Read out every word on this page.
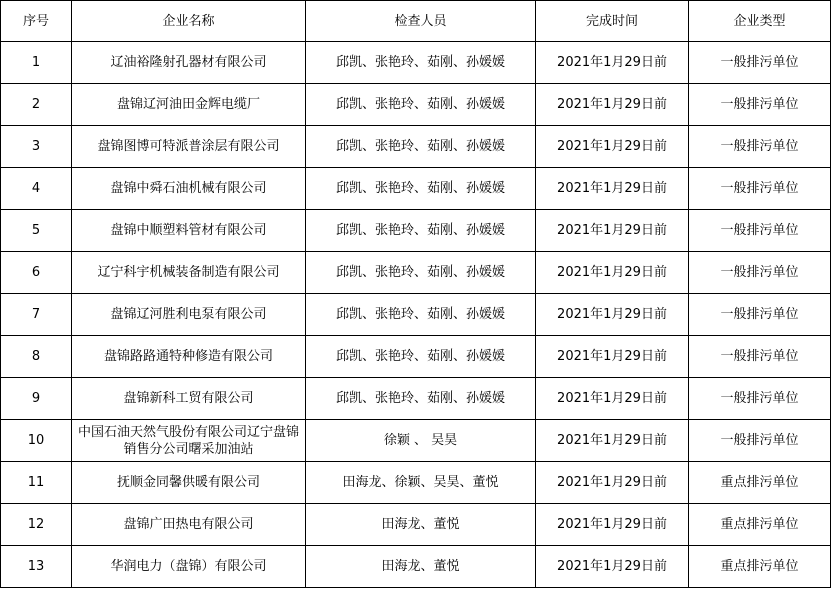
序号	企业名称	检查人员	完成时间	企业类型
1	辽油裕隆射孔器材有限公司	邱凯、张艳玲、茹刚、孙媛媛	2021年1月29日前	一般排污单位
2	盘锦辽河油田金辉电缆厂	邱凯、张艳玲、茹刚、孙媛媛	2021年1月29日前	一般排污单位
3	盘锦图博可特派普涂层有限公司	邱凯、张艳玲、茹刚、孙媛媛	2021年1月29日前	一般排污单位
4	盘锦中舜石油机械有限公司	邱凯、张艳玲、茹刚、孙媛媛	2021年1月29日前	一般排污单位
5	盘锦中顺塑料管材有限公司	邱凯、张艳玲、茹刚、孙媛媛	2021年1月29日前	一般排污单位
6	辽宁科宇机械装备制造有限公司	邱凯、张艳玲、茹刚、孙媛媛	2021年1月29日前	一般排污单位
7	盘锦辽河胜利电泵有限公司	邱凯、张艳玲、茹刚、孙媛媛	2021年1月29日前	一般排污单位
8	盘锦路路通特种修造有限公司	邱凯、张艳玲、茹刚、孙媛媛	2021年1月29日前	一般排污单位
9	盘锦新科工贸有限公司	邱凯、张艳玲、茹刚、孙媛媛	2021年1月29日前	一般排污单位
10	中国石油天然气股份有限公司辽宁盘锦销售分公司曙采加油站	徐颖 、 吴昊	2021年1月29日前	一般排污单位
11	抚顺金同馨供暖有限公司	田海龙、徐颖、吴昊、董悦	2021年1月29日前	重点排污单位
12	盘锦广田热电有限公司	田海龙、董悦	2021年1月29日前	重点排污单位
13	华润电力（盘锦）有限公司	田海龙、董悦	2021年1月29日前	重点排污单位
